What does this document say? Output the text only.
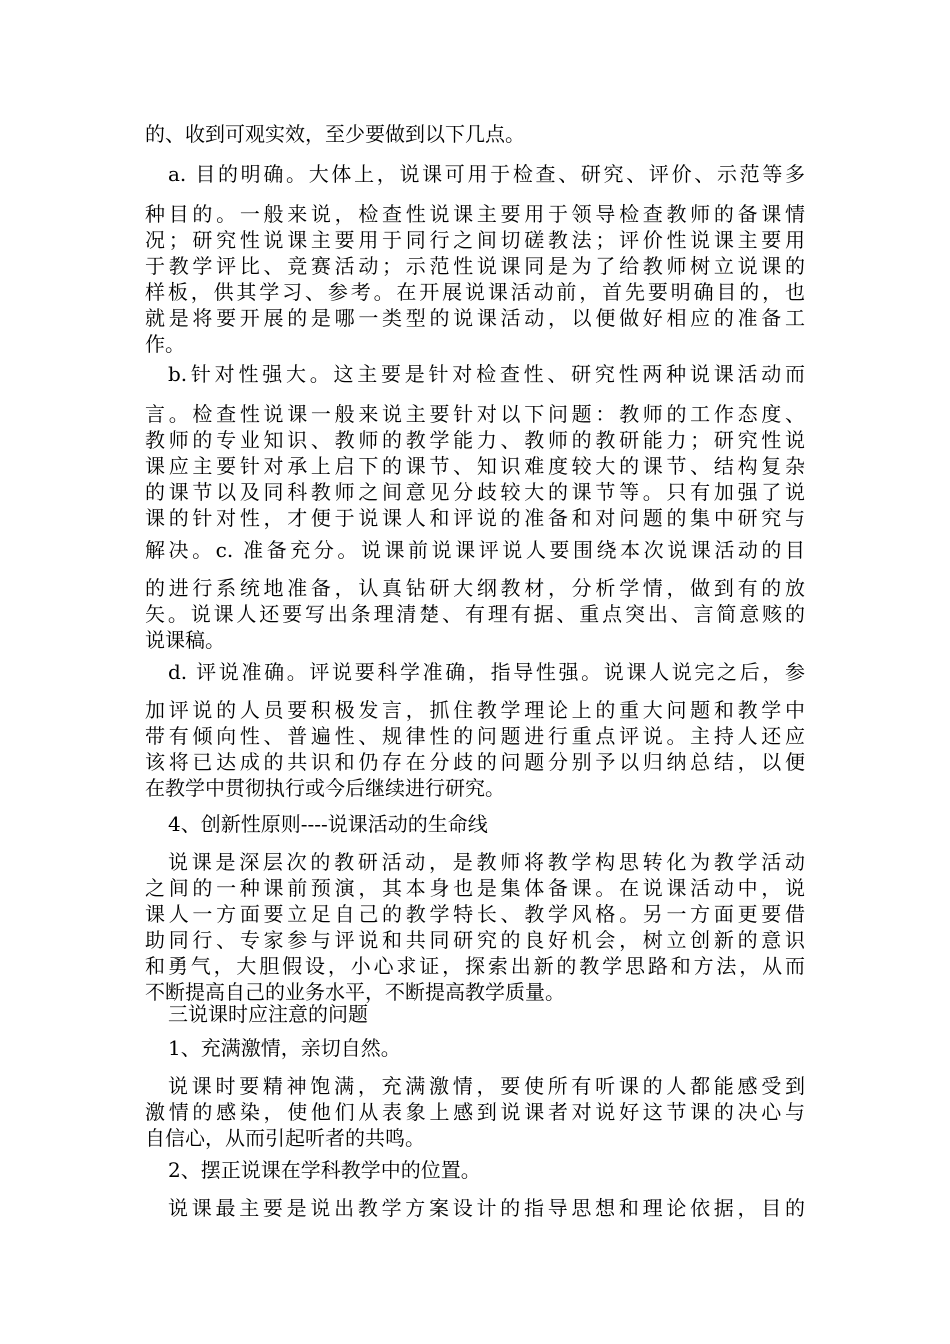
的、收到可观实效，至少要做到以下几点。
a. 目的明确。大体上，说课可用于检查、研究、评价、示范等多
种目的。一般来说，检查性说课主要用于领导检查教师的备课情
况；研究性说课主要用于同行之间切磋教法；评价性说课主要用
于教学评比、竞赛活动；示范性说课同是为了给教师树立说课的
样板，供其学习、参考。在开展说课活动前，首先要明确目的，也
就是将要开展的是哪一类型的说课活动，以便做好相应的准备工
作。
b.针对性强大。这主要是针对检查性、研究性两种说课活动而
言。检查性说课一般来说主要针对以下问题：教师的工作态度、
教师的专业知识、教师的教学能力、教师的教研能力；研究性说
课应主要针对承上启下的课节、知识难度较大的课节、结构复杂
的课节以及同科教师之间意见分歧较大的课节等。只有加强了说
课的针对性，才便于说课人和评说的准备和对问题的集中研究与
解决。c. 准备充分。说课前说课评说人要围绕本次说课活动的目
的进行系统地准备，认真钻研大纲教材，分析学情，做到有的放
矢。说课人还要写出条理清楚、有理有据、重点突出、言简意赅的
说课稿。
d. 评说准确。评说要科学准确，指导性强。说课人说完之后，参
加评说的人员要积极发言，抓住教学理论上的重大问题和教学中
带有倾向性、普遍性、规律性的问题进行重点评说。主持人还应
该将已达成的共识和仍存在分歧的问题分别予以归纳总结，以便
在教学中贯彻执行或今后继续进行研究。
4、创新性原则----说课活动的生命线
说课是深层次的教研活动，是教师将教学构思转化为教学活动
之间的一种课前预演，其本身也是集体备课。在说课活动中，说
课人一方面要立足自己的教学特长、教学风格。另一方面更要借
助同行、专家参与评说和共同研究的良好机会，树立创新的意识
和勇气，大胆假设，小心求证，探索出新的教学思路和方法，从而
不断提高自己的业务水平，不断提高教学质量。
三说课时应注意的问题
1、充满激情，亲切自然。
说课时要精神饱满，充满激情，要使所有听课的人都能感受到
激情的感染，使他们从表象上感到说课者对说好这节课的决心与
自信心，从而引起听者的共鸣。
2、摆正说课在学科教学中的位置。
说课最主要是说出教学方案设计的指导思想和理论依据，目的
